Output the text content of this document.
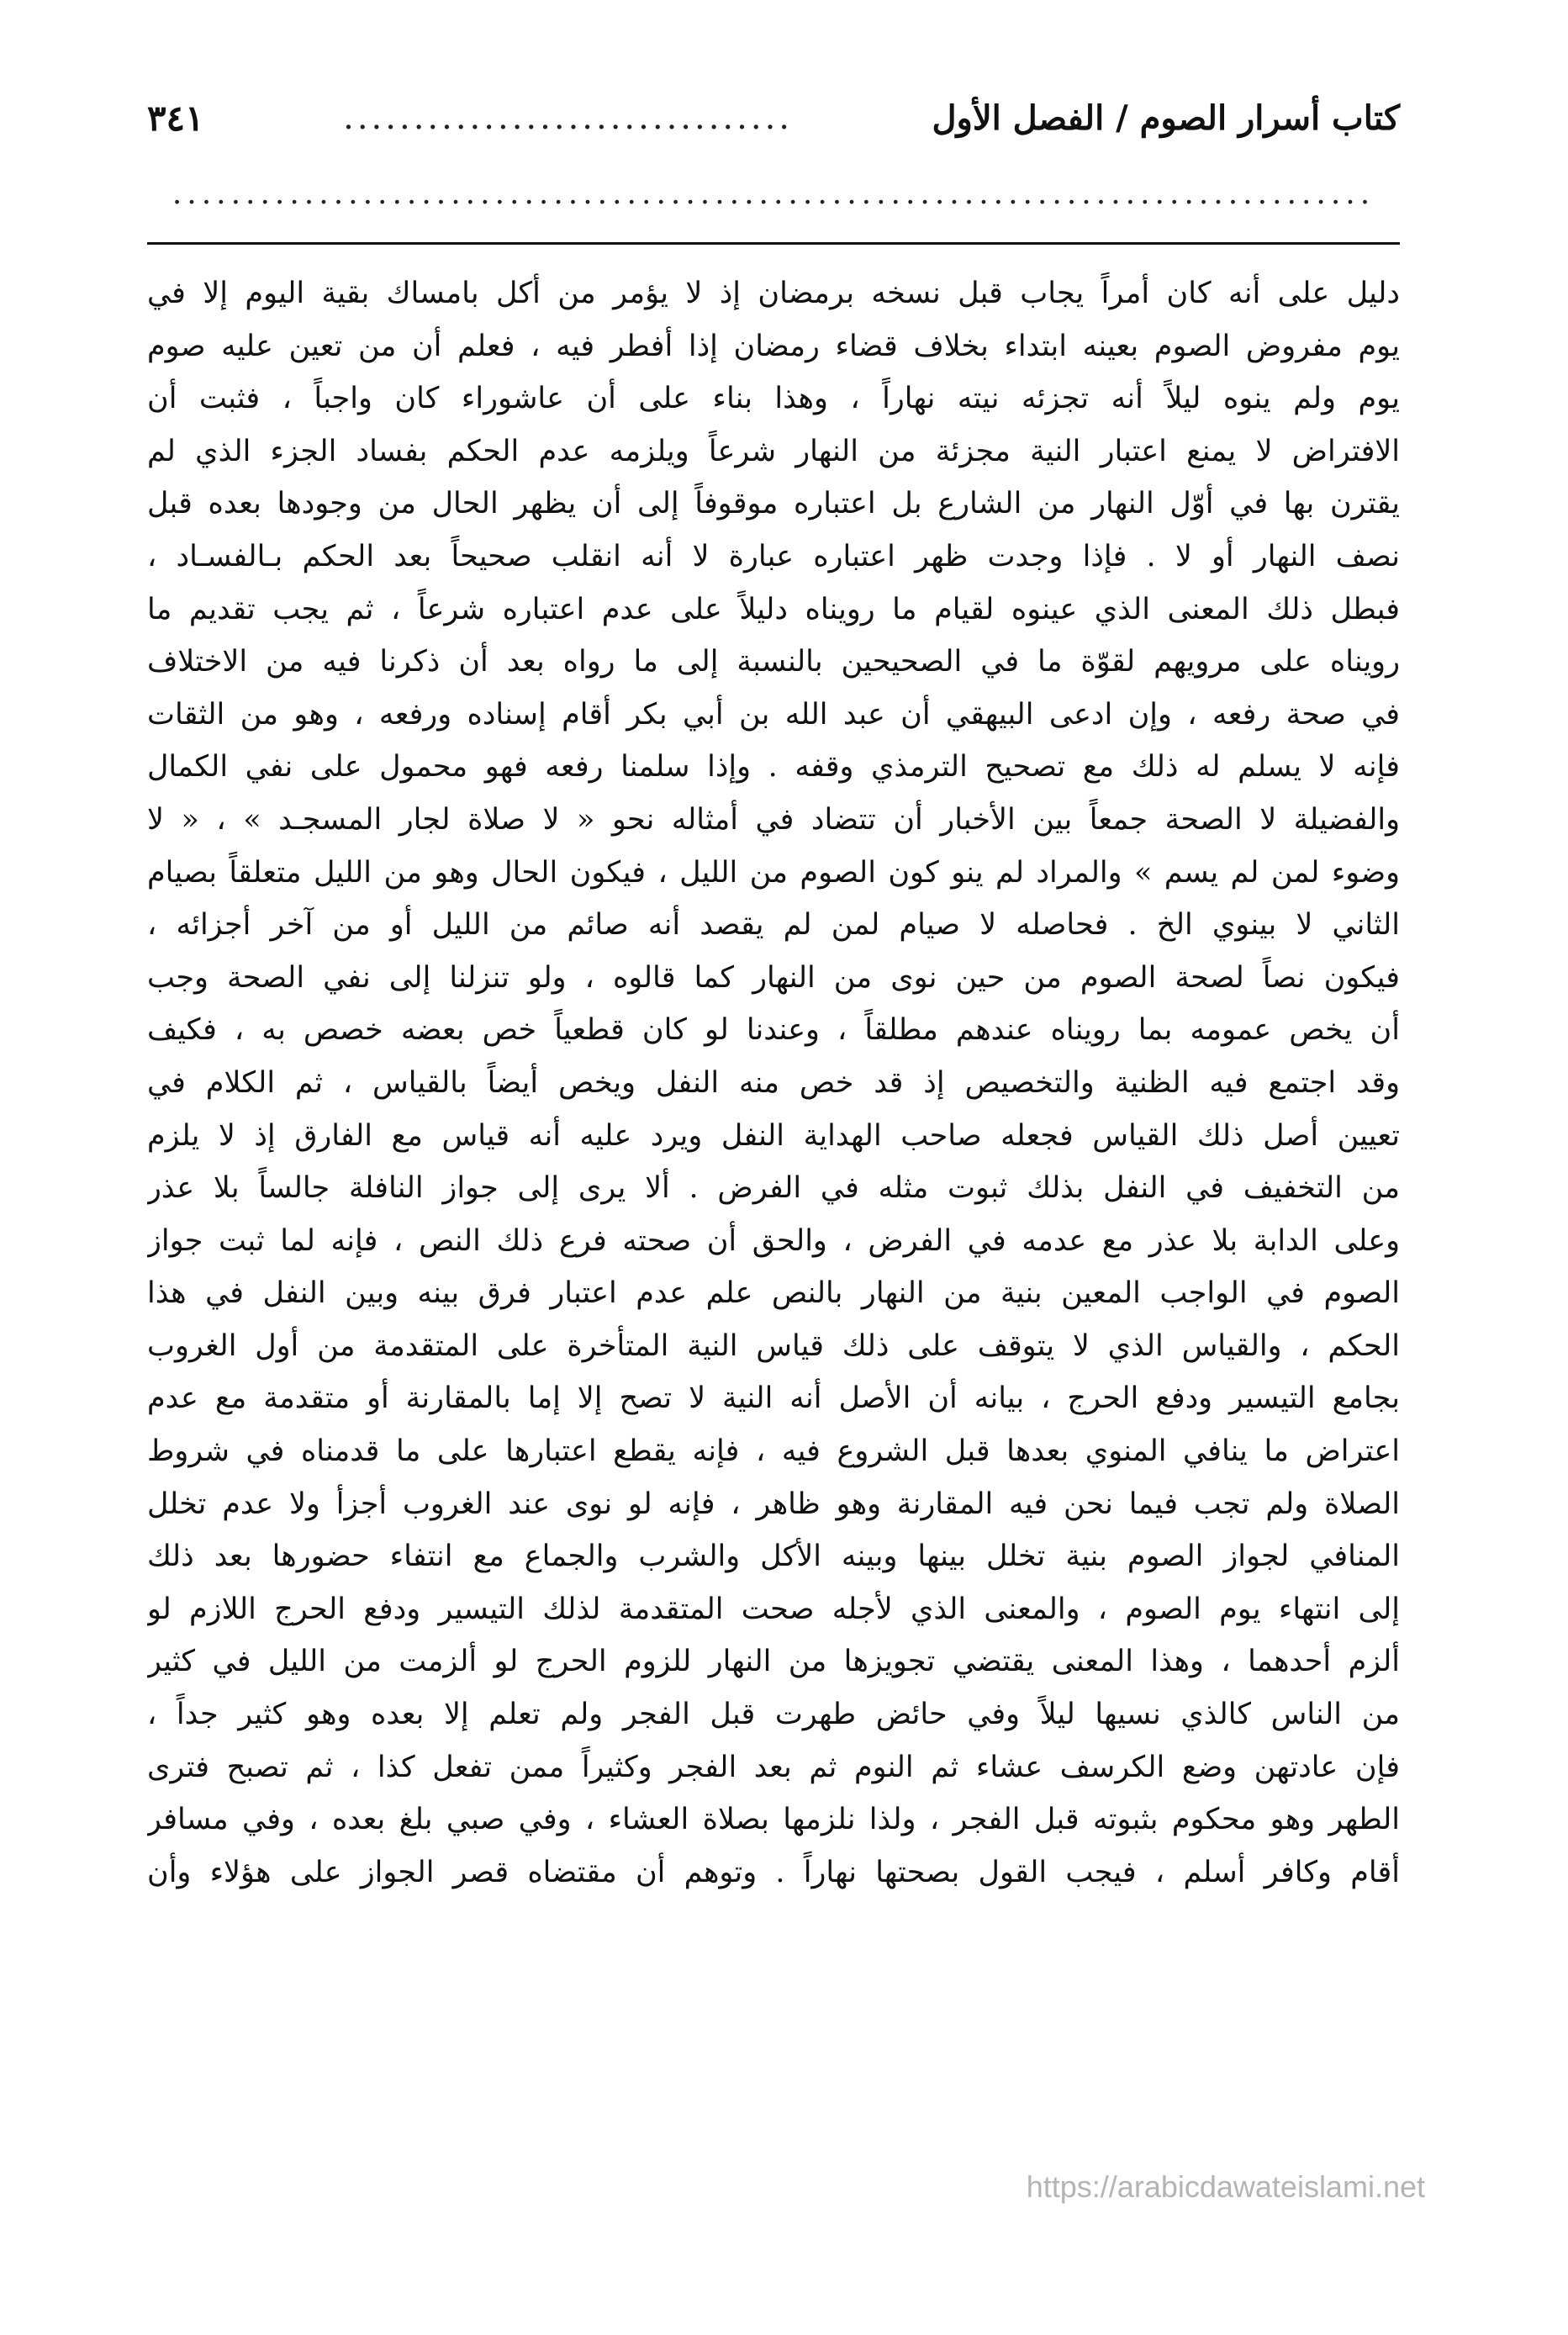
كتاب أسرار الصوم / الفصل الأول
................................
٣٤١
..................................................................................
دليل على أنه كان أمراً يجاب قبل نسخه برمضان إذ لا يؤمر من أكل بامساك بقية اليوم إلا في
يوم مفروض الصوم بعينه ابتداء بخلاف قضاء رمضان إذا أفطر فيه ، فعلم أن من تعين عليه صوم
يوم ولم ينوه ليلاً أنه تجزئه نيته نهاراً ، وهذا بناء على أن عاشوراء كان واجباً ، فثبت أن
الافتراض لا يمنع اعتبار النية مجزئة من النهار شرعاً ويلزمه عدم الحكم بفساد الجزء الذي لم
يقترن بها في أوّل النهار من الشارع بل اعتباره موقوفاً إلى أن يظهر الحال من وجودها بعده قبل
نصف النهار أو لا . فإذا وجدت ظهر اعتباره عبارة لا أنه انقلب صحيحاً بعد الحكم بـالفسـاد ،
فبطل ذلك المعنى الذي عينوه لقيام ما رويناه دليلاً على عدم اعتباره شرعاً ، ثم يجب تقديم ما
رويناه على مرويهم لقوّة ما في الصحيحين بالنسبة إلى ما رواه بعد أن ذكرنا فيه من الاختلاف
في صحة رفعه ، وإن ادعى البيهقي أن عبد الله بن أبي بكر أقام إسناده ورفعه ، وهو من الثقات
فإنه لا يسلم له ذلك مع تصحيح الترمذي وقفه . وإذا سلمنا رفعه فهو محمول على نفي الكمال
والفضيلة لا الصحة جمعاً بين الأخبار أن تتضاد في أمثاله نحو « لا صلاة لجار المسجـد » ، « لا
وضوء لمن لم يسم » والمراد لم ينو كون الصوم من الليل ، فيكون الحال وهو من الليل متعلقاً بصيام
الثاني لا بينوي الخ . فحاصله لا صيام لمن لم يقصد أنه صائم من الليل أو من آخر أجزائه ،
فيكون نصاً لصحة الصوم من حين نوى من النهار كما قالوه ، ولو تنزلنا إلى نفي الصحة وجب
أن يخص عمومه بما رويناه عندهم مطلقاً ، وعندنا لو كان قطعياً خص بعضه خصص به ، فكيف
وقد اجتمع فيه الظنية والتخصيص إذ قد خص منه النفل ويخص أيضاً بالقياس ، ثم الكلام في
تعيين أصل ذلك القياس فجعله صاحب الهداية النفل ويرد عليه أنه قياس مع الفارق إذ لا يلزم
من التخفيف في النفل بذلك ثبوت مثله في الفرض . ألا يرى إلى جواز النافلة جالساً بلا عذر
وعلى الدابة بلا عذر مع عدمه في الفرض ، والحق أن صحته فرع ذلك النص ، فإنه لما ثبت جواز
الصوم في الواجب المعين بنية من النهار بالنص علم عدم اعتبار فرق بينه وبين النفل في هذا
الحكم ، والقياس الذي لا يتوقف على ذلك قياس النية المتأخرة على المتقدمة من أول الغروب
بجامع التيسير ودفع الحرج ، بيانه أن الأصل أنه النية لا تصح إلا إما بالمقارنة أو متقدمة مع عدم
اعتراض ما ينافي المنوي بعدها قبل الشروع فيه ، فإنه يقطع اعتبارها على ما قدمناه في شروط
الصلاة ولم تجب فيما نحن فيه المقارنة وهو ظاهر ، فإنه لو نوى عند الغروب أجزأ ولا عدم تخلل
المنافي لجواز الصوم بنية تخلل بينها وبينه الأكل والشرب والجماع مع انتفاء حضورها بعد ذلك
إلى انتهاء يوم الصوم ، والمعنى الذي لأجله صحت المتقدمة لذلك التيسير ودفع الحرج اللازم لو
ألزم أحدهما ، وهذا المعنى يقتضي تجويزها من النهار للزوم الحرج لو ألزمت من الليل في كثير
من الناس كالذي نسيها ليلاً وفي حائض طهرت قبل الفجر ولم تعلم إلا بعده وهو كثير جداً ،
فإن عادتهن وضع الكرسف عشاء ثم النوم ثم بعد الفجر وكثيراً ممن تفعل كذا ، ثم تصبح فترى
الطهر وهو محكوم بثبوته قبل الفجر ، ولذا نلزمها بصلاة العشاء ، وفي صبي بلغ بعده ، وفي مسافر
أقام وكافر أسلم ، فيجب القول بصحتها نهاراً . وتوهم أن مقتضاه قصر الجواز على هؤلاء وأن
https://arabicdawateislami.net
